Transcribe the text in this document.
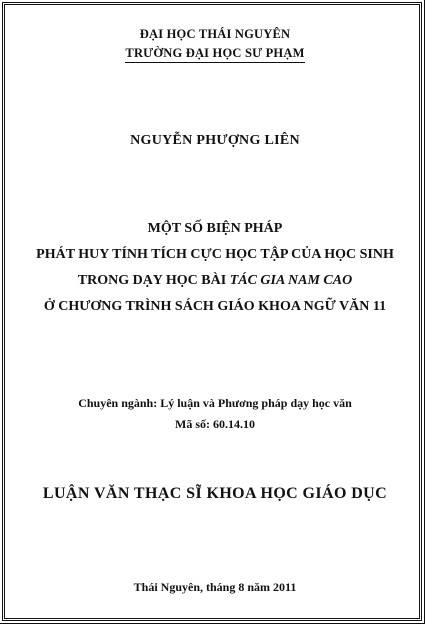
ĐẠI HỌC THÁI NGUYÊN
TRƯỜNG ĐẠI HỌC SƯ PHẠM
NGUYỄN PHƯỢNG LIÊN
MỘT SỐ BIỆN PHÁP
PHÁT HUY TÍNH TÍCH CỰC HỌC TẬP CỦA HỌC SINH
TRONG DẠY HỌC BÀI TÁC GIA NAM CAO
Ở CHƯƠNG TRÌNH SÁCH GIÁO KHOA NGỮ VĂN 11
Chuyên ngành: Lý luận và Phương pháp dạy học văn
Mã số: 60.14.10
LUẬN VĂN THẠC SĨ KHOA HỌC GIÁO DỤC
Thái Nguyên, tháng 8 năm 2011
